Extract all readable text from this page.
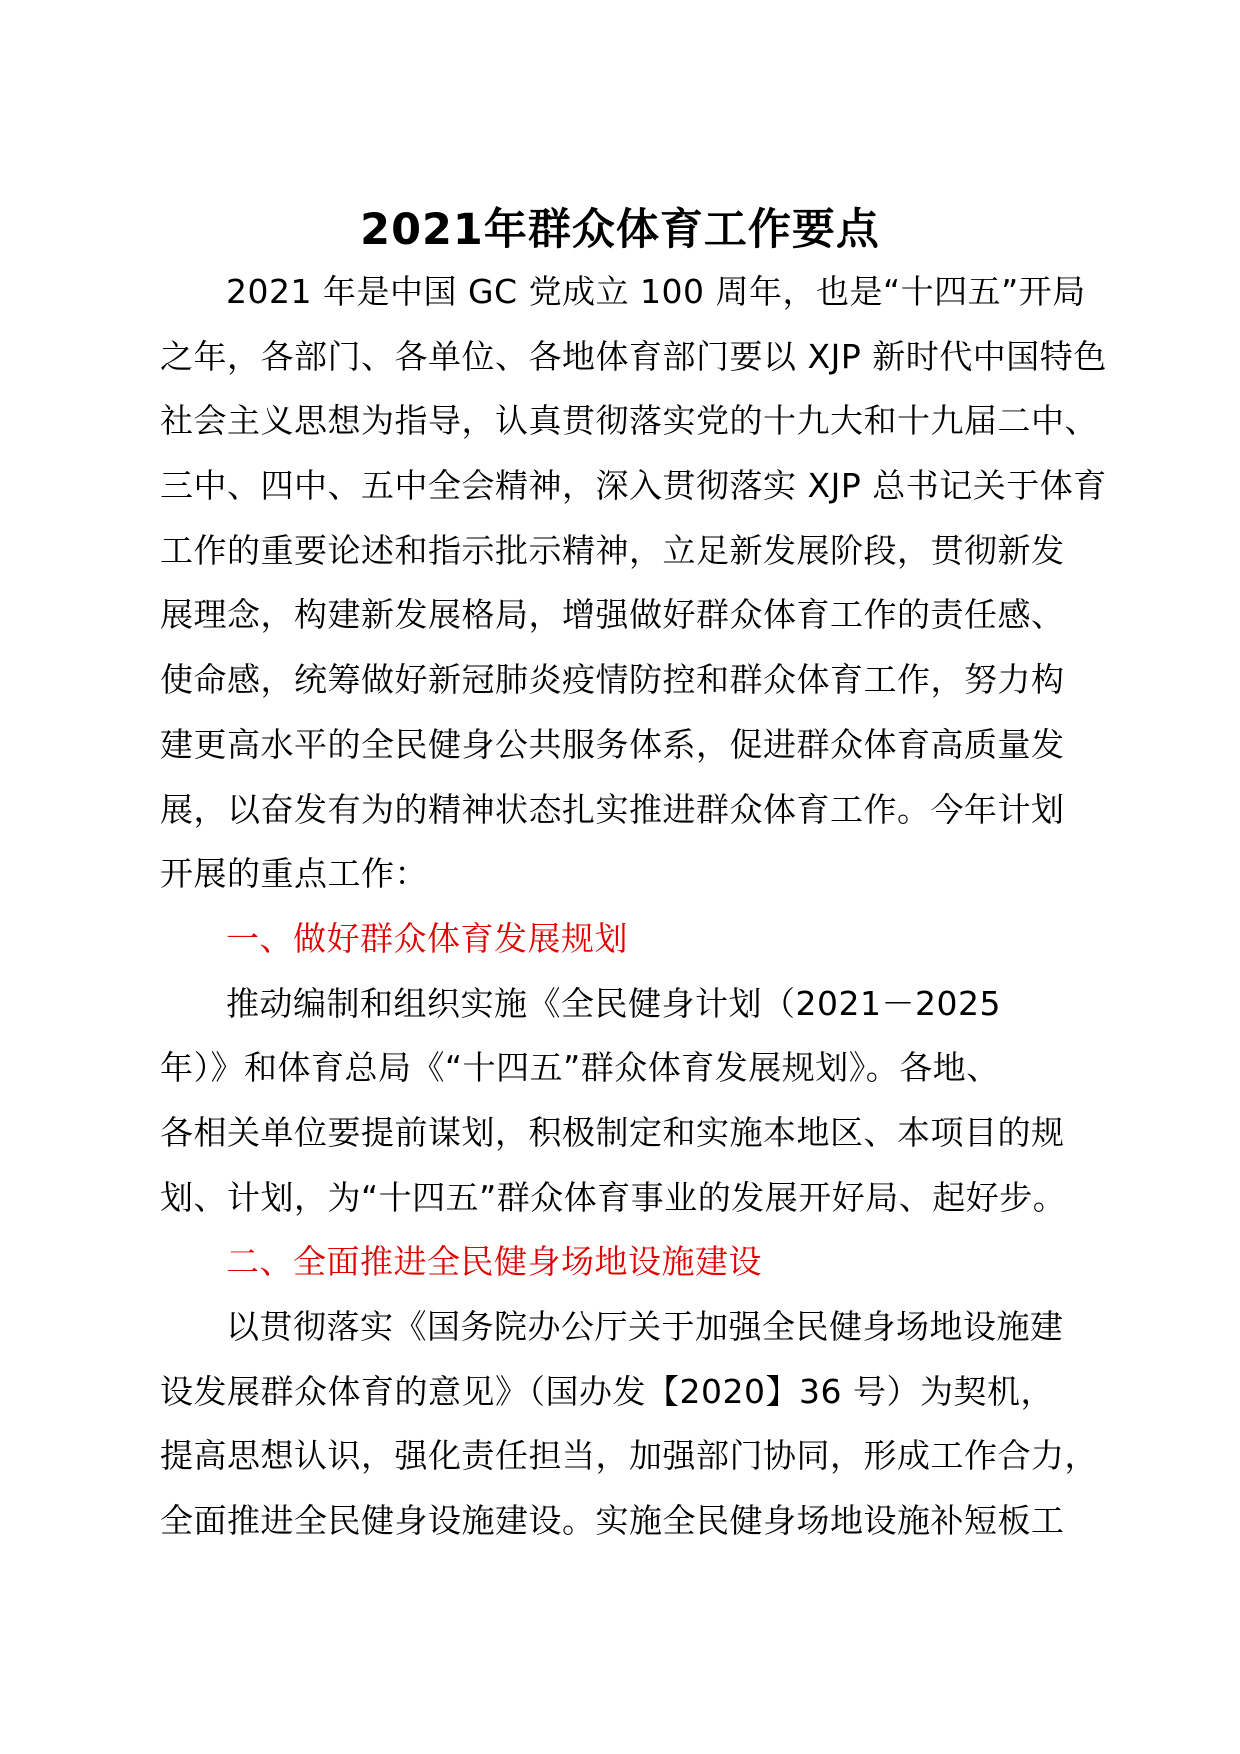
2021年群众体育工作要点
2021 年是中国 GC 党成立 100 周年，也是“十四五”开局
之年，各部门、各单位、各地体育部门要以 XJP 新时代中国特色
社会主义思想为指导，认真贯彻落实党的十九大和十九届二中、
三中、四中、五中全会精神，深入贯彻落实 XJP 总书记关于体育
工作的重要论述和指示批示精神，立足新发展阶段，贯彻新发
展理念，构建新发展格局，增强做好群众体育工作的责任感、
使命感，统筹做好新冠肺炎疫情防控和群众体育工作，努力构
建更高水平的全民健身公共服务体系，促进群众体育高质量发
展，以奋发有为的精神状态扎实推进群众体育工作。今年计划
开展的重点工作：
一、做好群众体育发展规划
推动编制和组织实施《全民健身计划（2021－2025
年）》和体育总局《“十四五”群众体育发展规划》。各地、
各相关单位要提前谋划，积极制定和实施本地区、本项目的规
划、计划，为“十四五”群众体育事业的发展开好局、起好步。
二、全面推进全民健身场地设施建设
以贯彻落实《国务院办公厅关于加强全民健身场地设施建
设发展群众体育的意见》（国办发【2020】36 号）为契机，
提高思想认识，强化责任担当，加强部门协同，形成工作合力，
全面推进全民健身设施建设。实施全民健身场地设施补短板工
